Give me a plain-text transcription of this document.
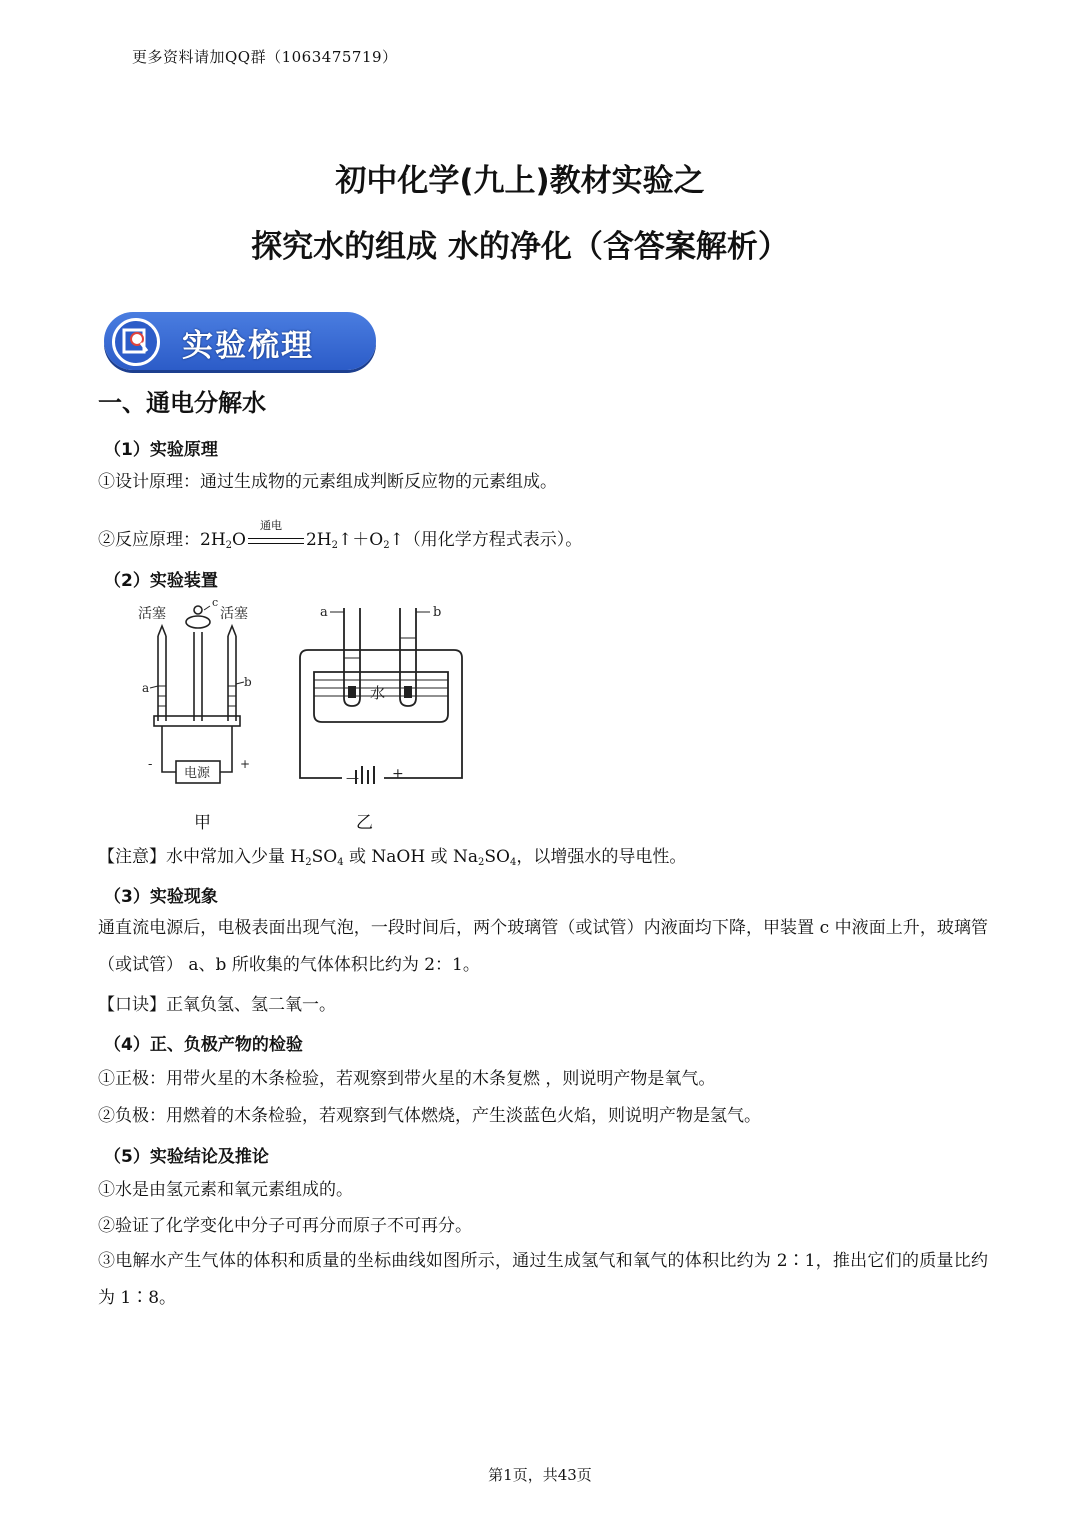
更多资料请加QQ群（1063475719）
初中化学(九上)教材实验之
探究水的组成 水的净化（含答案解析）
实验梳理
一、通电分解水
（1）实验原理
①设计原理：通过生成物的元素组成判断反应物的元素组成。
②反应原理：$2H_2O$
通电
$2H_2↑+O_2↑$（用化学方程式表示）。
（2）实验装置
活塞	活塞
c
a	b
-	+
电源
甲
a	b
水
— +
乙
【注意】水中常加入少量 $H_2SO_4$ 或 NaOH 或 $Na_2SO_4$，以增强水的导电性。
（3）实验现象
通直流电源后，电极表面出现气泡，一段时间后，两个玻璃管（或试管）内液面均下降，甲装置 c 中液面上升，玻璃管（或试管） a、b 所收集的气体体积比约为 2：1。
【口诀】正氧负氢、氢二氧一。
（4）正、负极产物的检验
①正极：用带火星的木条检验，若观察到带火星的木条复燃 ，则说明产物是氧气。
②负极：用燃着的木条检验，若观察到气体燃烧，产生淡蓝色火焰，则说明产物是氢气。
（5）实验结论及推论
①水是由氢元素和氧元素组成的。
②验证了化学变化中分子可再分而原子不可再分。
③电解水产生气体的体积和质量的坐标曲线如图所示，通过生成氢气和氧气的体积比约为 2∶1，推出它们的质量比约为 1∶8。
第1页，共43页
